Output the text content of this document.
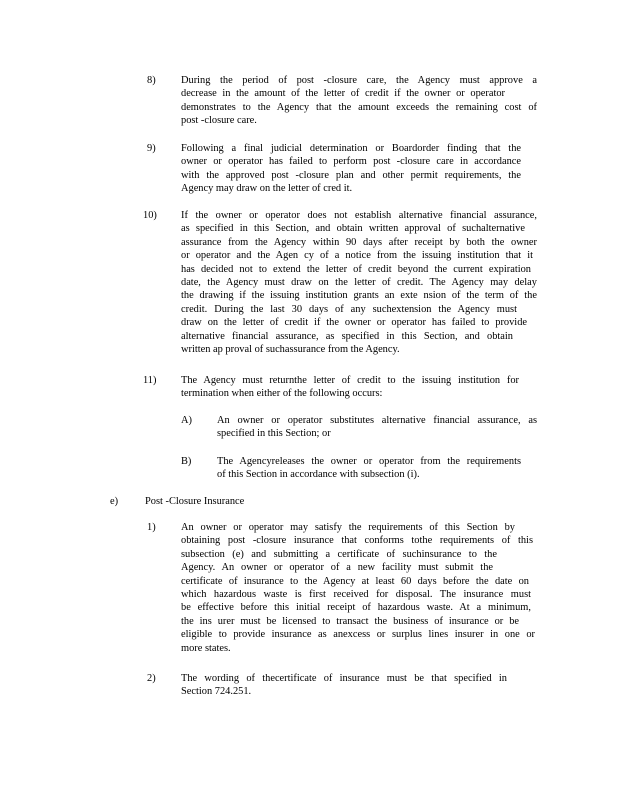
8) During the period of post -closure care, the Agency must approve a
decrease in the amount of the letter of credit if the owner or operator
demonstrates to the Agency that the amount exceeds the remaining cost of
post -closure care.
9) Following a final judicial determination or Boardorder finding that the
owner or operator has failed to perform post -closure care in accordance
with the approved post -closure plan and other permit requirements, the
Agency may draw on the letter of cred it.
10) If the owner or operator does not establish alternative financial assurance,
as specified in this Section, and obtain written approval of suchalternative
assurance from the Agency within 90 days after receipt by both the owner
or operator and the Agen cy of a notice from the issuing institution that it
has decided not to extend the letter of credit beyond the current expiration
date, the Agency must draw on the letter of credit. The Agency may delay
the drawing if the issuing institution grants an exte nsion of the term of the
credit. During the last 30 days of any suchextension the Agency must
draw on the letter of credit if the owner or operator has failed to provide
alternative financial assurance, as specified in this Section, and obtain
written ap proval of suchassurance from the Agency.
11) The Agency must returnthe letter of credit to the issuing institution for
termination when either of the following occurs:
A) An owner or operator substitutes alternative financial assurance, as
specified in this Section; or
B) The Agencyreleases the owner or operator from the requirements
of this Section in accordance with subsection (i).
e)	Post -Closure Insurance
1) An owner or operator may satisfy the requirements of this Section by
obtaining post -closure insurance that conforms tothe requirements of this
subsection (e) and submitting a certificate of suchinsurance to the
Agency. An owner or operator of a new facility must submit the
certificate of insurance to the Agency at least 60 days before the date on
which hazardous waste is first received for disposal. The insurance must
be effective before this initial receipt of hazardous waste. At a minimum,
the ins urer must be licensed to transact the business of insurance or be
eligible to provide insurance as anexcess or surplus lines insurer in one or
more states.
2) The wording of thecertificate of insurance must be that specified in
Section 724.251.
